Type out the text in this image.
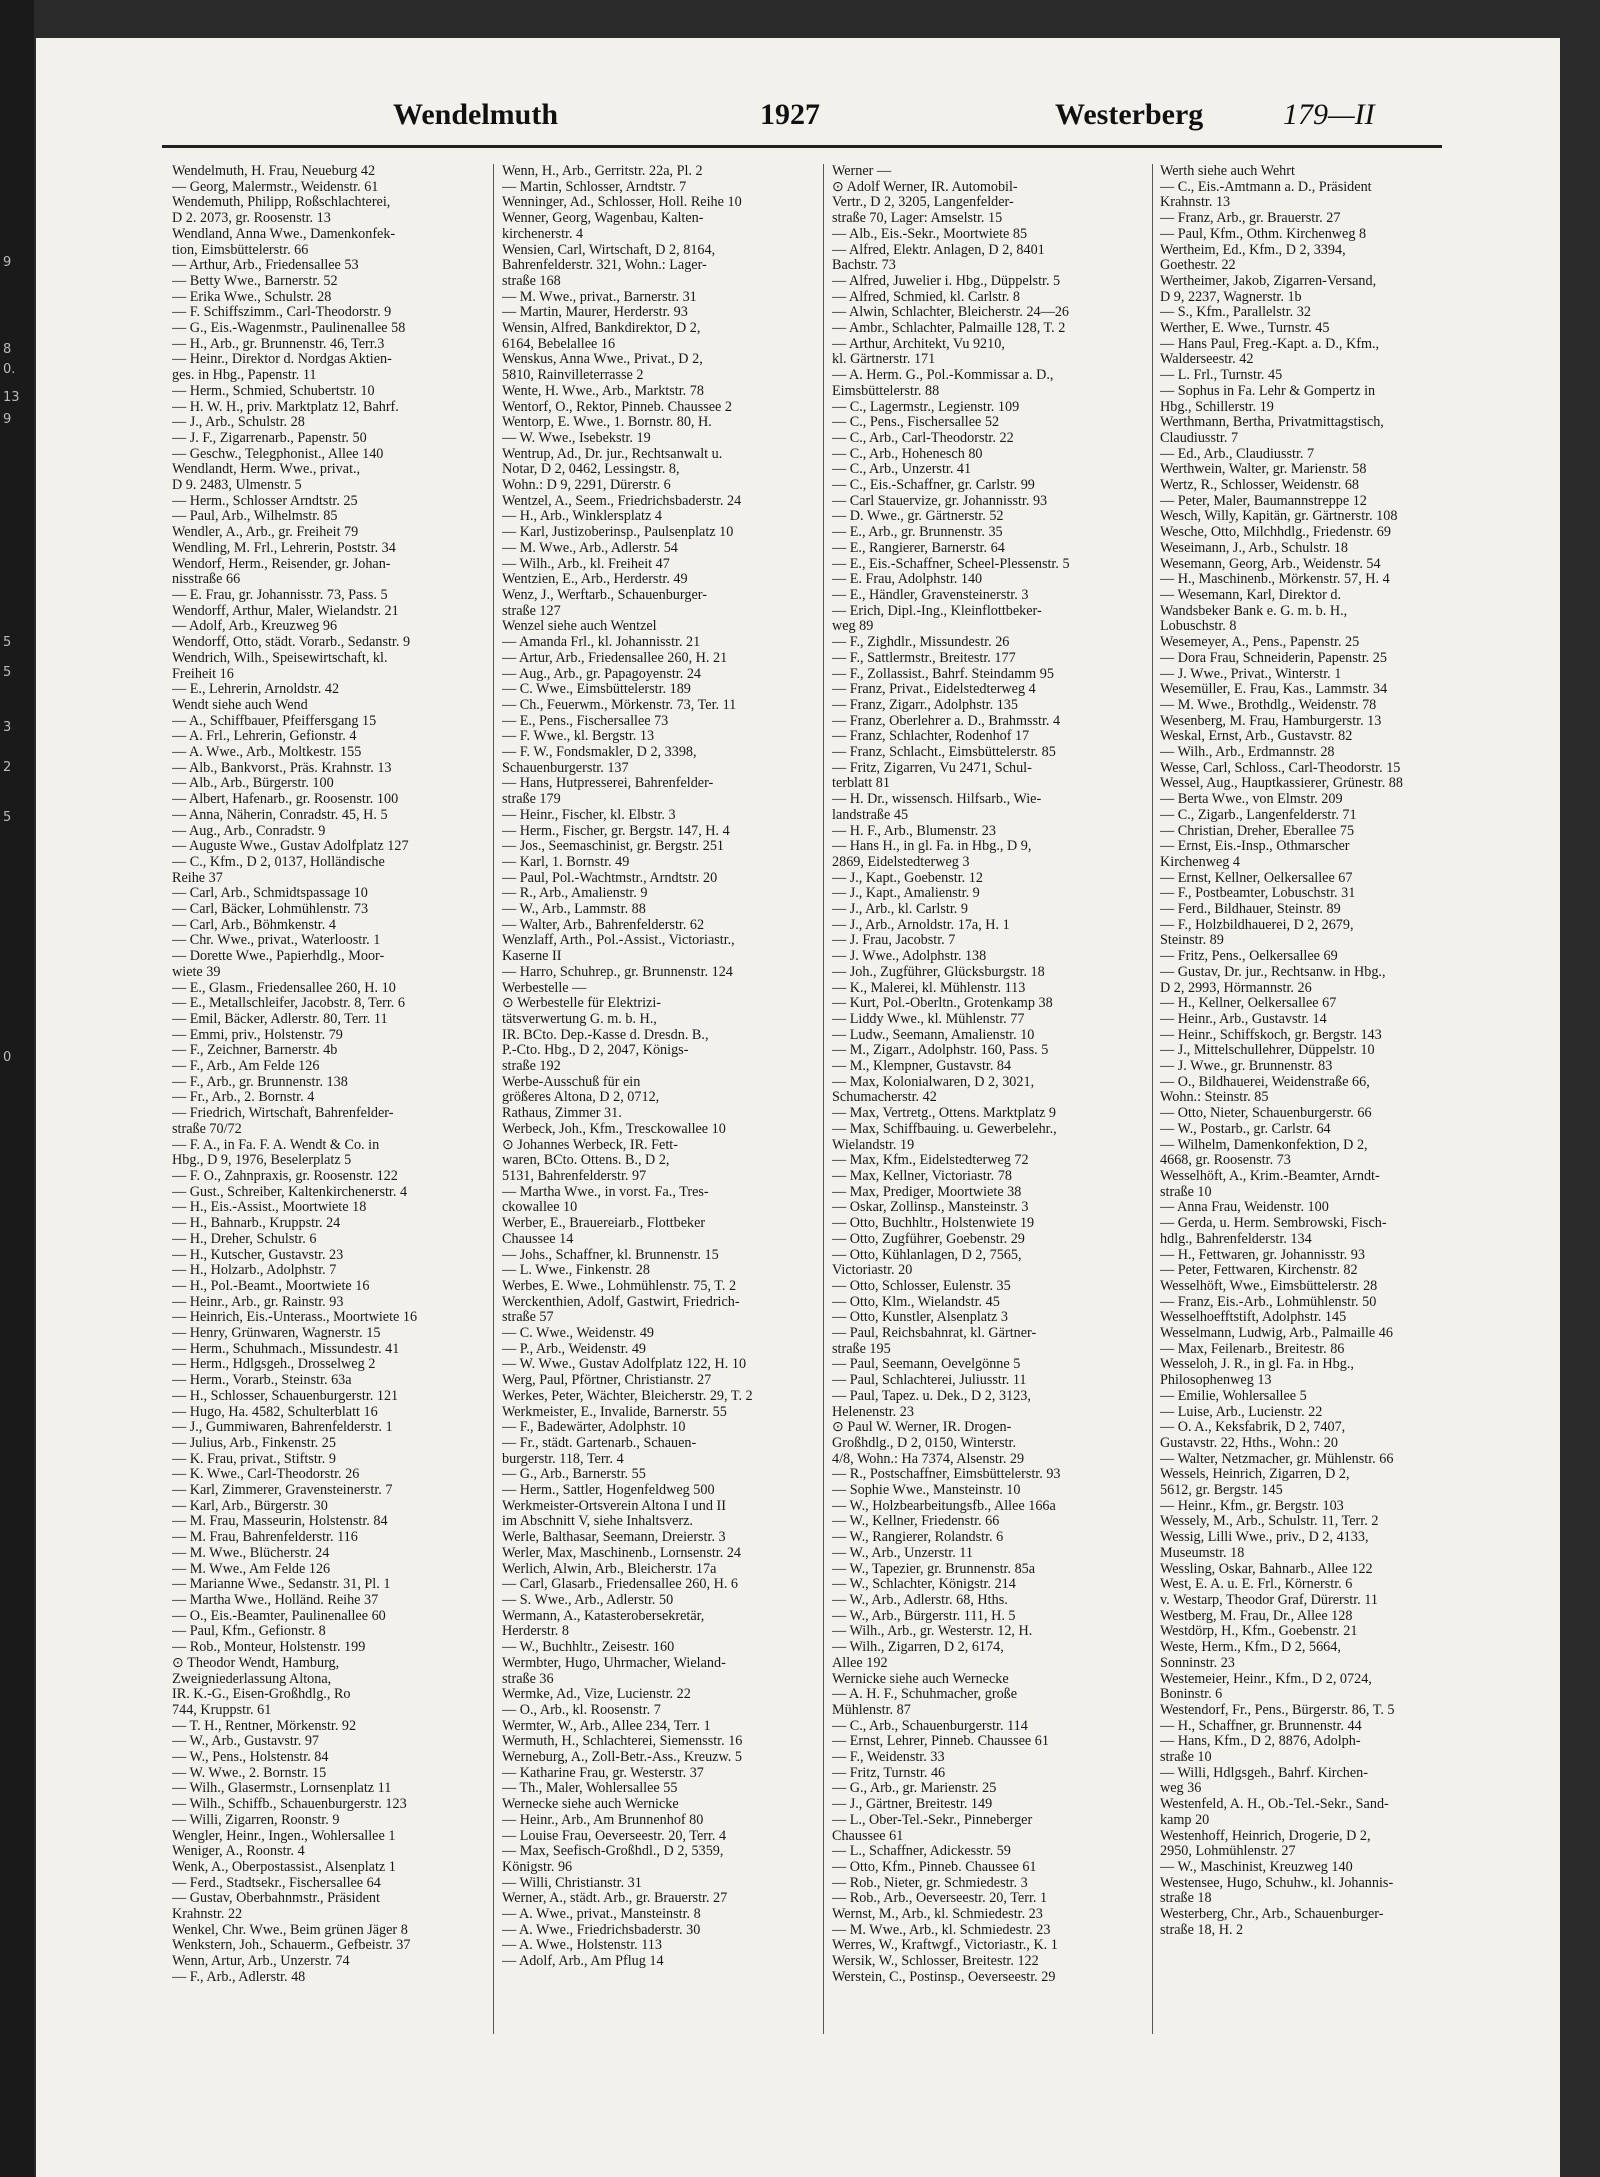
9
8
0.
13
9
5
5
3
2
5
0
Wendelmuth	1927	Westerberg	179—II
Wendelmuth, H. Frau, Neueburg 42
— Georg, Malermstr., Weidenstr. 61
Wendemuth, Philipp, Roßschlachterei,
D 2. 2073, gr. Roosenstr. 13
Wendland, Anna Wwe., Damenkonfek-
tion, Eimsbüttelerstr. 66
— Arthur, Arb., Friedensallee 53
— Betty Wwe., Barnerstr. 52
— Erika Wwe., Schulstr. 28
— F. Schiffszimm., Carl-Theodorstr. 9
— G., Eis.-Wagenmstr., Paulinenallee 58
— H., Arb., gr. Brunnenstr. 46, Terr.3
— Heinr., Direktor d. Nordgas Aktien-
ges. in Hbg., Papenstr. 11
— Herm., Schmied, Schubertstr. 10
— H. W. H., priv. Marktplatz 12, Bahrf.
— J., Arb., Schulstr. 28
— J. F., Zigarrenarb., Papenstr. 50
— Geschw., Telegphonist., Allee 140
Wendlandt, Herm. Wwe., privat.,
D 9. 2483, Ulmenstr. 5
— Herm., Schlosser Arndtstr. 25
— Paul, Arb., Wilhelmstr. 85
Wendler, A., Arb., gr. Freiheit 79
Wendling, M. Frl., Lehrerin, Poststr. 34
Wendorf, Herm., Reisender, gr. Johan-
nisstraße 66
— E. Frau, gr. Johannisstr. 73, Pass. 5
Wendorff, Arthur, Maler, Wielandstr. 21
— Adolf, Arb., Kreuzweg 96
Wendorff, Otto, städt. Vorarb., Sedanstr. 9
Wendrich, Wilh., Speisewirtschaft, kl.
Freiheit 16
— E., Lehrerin, Arnoldstr. 42
Wendt siehe auch Wend
— A., Schiffbauer, Pfeiffersgang 15
— A. Frl., Lehrerin, Gefionstr. 4
— A. Wwe., Arb., Moltkestr. 155
— Alb., Bankvorst., Präs. Krahnstr. 13
— Alb., Arb., Bürgerstr. 100
— Albert, Hafenarb., gr. Roosenstr. 100
— Anna, Näherin, Conradstr. 45, H. 5
— Aug., Arb., Conradstr. 9
— Auguste Wwe., Gustav Adolfplatz 127
— C., Kfm., D 2, 0137, Holländische
Reihe 37
— Carl, Arb., Schmidtspassage 10
— Carl, Bäcker, Lohmühlenstr. 73
— Carl, Arb., Böhmkenstr. 4
— Chr. Wwe., privat., Waterloostr. 1
— Dorette Wwe., Papierhdlg., Moor-
wiete 39
— E., Glasm., Friedensallee 260, H. 10
— E., Metallschleifer, Jacobstr. 8, Terr. 6
— Emil, Bäcker, Adlerstr. 80, Terr. 11
— Emmi, priv., Holstenstr. 79
— F., Zeichner, Barnerstr. 4b
— F., Arb., Am Felde 126
— F., Arb., gr. Brunnenstr. 138
— Fr., Arb., 2. Bornstr. 4
— Friedrich, Wirtschaft, Bahrenfelder-
straße 70/72
— F. A., in Fa. F. A. Wendt & Co. in
Hbg., D 9, 1976, Beselerplatz 5
— F. O., Zahnpraxis, gr. Roosenstr. 122
— Gust., Schreiber, Kaltenkirchenerstr. 4
— H., Eis.-Assist., Moortwiete 18
— H., Bahnarb., Kruppstr. 24
— H., Dreher, Schulstr. 6
— H., Kutscher, Gustavstr. 23
— H., Holzarb., Adolphstr. 7
— H., Pol.-Beamt., Moortwiete 16
— Heinr., Arb., gr. Rainstr. 93
— Heinrich, Eis.-Unterass., Moortwiete 16
— Henry, Grünwaren, Wagnerstr. 15
— Herm., Schuhmach., Missundestr. 41
— Herm., Hdlgsgeh., Drosselweg 2
— Herm., Vorarb., Steinstr. 63a
— H., Schlosser, Schauenburgerstr. 121
— Hugo, Ha. 4582, Schulterblatt 16
— J., Gummiwaren, Bahrenfelderstr. 1
— Julius, Arb., Finkenstr. 25
— K. Frau, privat., Stiftstr. 9
— K. Wwe., Carl-Theodorstr. 26
— Karl, Zimmerer, Gravensteinerstr. 7
— Karl, Arb., Bürgerstr. 30
— M. Frau, Masseurin, Holstenstr. 84
— M. Frau, Bahrenfelderstr. 116
— M. Wwe., Blücherstr. 24
— M. Wwe., Am Felde 126
— Marianne Wwe., Sedanstr. 31, Pl. 1
— Martha Wwe., Holländ. Reihe 37
— O., Eis.-Beamter, Paulinenallee 60
— Paul, Kfm., Gefionstr. 8
— Rob., Monteur, Holstenstr. 199
⊙ Theodor Wendt, Hamburg,
Zweigniederlassung Altona,
IR. K.-G., Eisen-Großhdlg., Ro
744, Kruppstr. 61
— T. H., Rentner, Mörkenstr. 92
— W., Arb., Gustavstr. 97
— W., Pens., Holstenstr. 84
— W. Wwe., 2. Bornstr. 15
— Wilh., Glasermstr., Lornsenplatz 11
— Wilh., Schiffb., Schauenburgerstr. 123
— Willi, Zigarren, Roonstr. 9
Wengler, Heinr., Ingen., Wohlersallee 1
Weniger, A., Roonstr. 4
Wenk, A., Oberpostassist., Alsenplatz 1
— Ferd., Stadtsekr., Fischersallee 64
— Gustav, Oberbahnmstr., Präsident
Krahnstr. 22
Wenkel, Chr. Wwe., Beim grünen Jäger 8
Wenkstern, Joh., Schauerm., Gefbeistr. 37
Wenn, Artur, Arb., Unzerstr. 74
— F., Arb., Adlerstr. 48
Wenn, H., Arb., Gerritstr. 22a, Pl. 2
— Martin, Schlosser, Arndtstr. 7
Wenninger, Ad., Schlosser, Holl. Reihe 10
Wenner, Georg, Wagenbau, Kalten-
kirchenerstr. 4
Wensien, Carl, Wirtschaft, D 2, 8164,
Bahrenfelderstr. 321, Wohn.: Lager-
straße 168
— M. Wwe., privat., Barnerstr. 31
— Martin, Maurer, Herderstr. 93
Wensin, Alfred, Bankdirektor, D 2,
6164, Bebelallee 16
Wenskus, Anna Wwe., Privat., D 2,
5810, Rainvilleterrasse 2
Wente, H. Wwe., Arb., Marktstr. 78
Wentorf, O., Rektor, Pinneb. Chaussee 2
Wentorp, E. Wwe., 1. Bornstr. 80, H.
— W. Wwe., Isebekstr. 19
Wentrup, Ad., Dr. jur., Rechtsanwalt u.
Notar, D 2, 0462, Lessingstr. 8,
Wohn.: D 9, 2291, Dürerstr. 6
Wentzel, A., Seem., Friedrichsbaderstr. 24
— H., Arb., Winklersplatz 4
— Karl, Justizoberinsp., Paulsenplatz 10
— M. Wwe., Arb., Adlerstr. 54
— Wilh., Arb., kl. Freiheit 47
Wentzien, E., Arb., Herderstr. 49
Wenz, J., Werftarb., Schauenburger-
straße 127
Wenzel siehe auch Wentzel
— Amanda Frl., kl. Johannisstr. 21
— Artur, Arb., Friedensallee 260, H. 21
— Aug., Arb., gr. Papagoyenstr. 24
— C. Wwe., Eimsbüttelerstr. 189
— Ch., Feuerwm., Mörkenstr. 73, Ter. 11
— E., Pens., Fischersallee 73
— F. Wwe., kl. Bergstr. 13
— F. W., Fondsmakler, D 2, 3398,
Schauenburgerstr. 137
— Hans, Hutpresserei, Bahrenfelder-
straße 179
— Heinr., Fischer, kl. Elbstr. 3
— Herm., Fischer, gr. Bergstr. 147, H. 4
— Jos., Seemaschinist, gr. Bergstr. 251
— Karl, 1. Bornstr. 49
— Paul, Pol.-Wachtmstr., Arndtstr. 20
— R., Arb., Amalienstr. 9
— W., Arb., Lammstr. 88
— Walter, Arb., Bahrenfelderstr. 62
Wenzlaff, Arth., Pol.-Assist., Victoriastr.,
Kaserne II
— Harro, Schuhrep., gr. Brunnenstr. 124
Werbestelle —
⊙ Werbestelle für Elektrizi-
tätsverwertung G. m. b. H.,
IR. BCto. Dep.-Kasse d. Dresdn. B.,
P.-Cto. Hbg., D 2, 2047, Königs-
straße 192
Werbe-Ausschuß für ein
größeres Altona, D 2, 0712,
Rathaus, Zimmer 31.
Werbeck, Joh., Kfm., Tresckowallee 10
⊙ Johannes Werbeck, IR. Fett-
waren, BCto. Ottens. B., D 2,
5131, Bahrenfelderstr. 97
— Martha Wwe., in vorst. Fa., Tres-
ckowallee 10
Werber, E., Brauereiarb., Flottbeker
Chaussee 14
— Johs., Schaffner, kl. Brunnenstr. 15
— L. Wwe., Finkenstr. 28
Werbes, E. Wwe., Lohmühlenstr. 75, T. 2
Werckenthien, Adolf, Gastwirt, Friedrich-
straße 57
— C. Wwe., Weidenstr. 49
— P., Arb., Weidenstr. 49
— W. Wwe., Gustav Adolfplatz 122, H. 10
Werg, Paul, Pförtner, Christianstr. 27
Werkes, Peter, Wächter, Bleicherstr. 29, T. 2
Werkmeister, E., Invalide, Barnerstr. 55
— F., Badewärter, Adolphstr. 10
— Fr., städt. Gartenarb., Schauen-
burgerstr. 118, Terr. 4
— G., Arb., Barnerstr. 55
— Herm., Sattler, Hogenfeldweg 500
Werkmeister-Ortsverein Altona I und II
im Abschnitt V, siehe Inhaltsverz.
Werle, Balthasar, Seemann, Dreierstr. 3
Werler, Max, Maschinenb., Lornsenstr. 24
Werlich, Alwin, Arb., Bleicherstr. 17a
— Carl, Glasarb., Friedensallee 260, H. 6
— S. Wwe., Arb., Adlerstr. 50
Wermann, A., Katasterobersekretär,
Herderstr. 8
— W., Buchhltr., Zeisestr. 160
Wermbter, Hugo, Uhrmacher, Wieland-
straße 36
Wermke, Ad., Vize, Lucienstr. 22
— O., Arb., kl. Roosenstr. 7
Wermter, W., Arb., Allee 234, Terr. 1
Wermuth, H., Schlachterei, Siemensstr. 16
Werneburg, A., Zoll-Betr.-Ass., Kreuzw. 5
— Katharine Frau, gr. Westerstr. 37
— Th., Maler, Wohlersallee 55
Wernecke siehe auch Wernicke
— Heinr., Arb., Am Brunnenhof 80
— Louise Frau, Oeverseestr. 20, Terr. 4
— Max, Seefisch-Großhdl., D 2, 5359,
Königstr. 96
— Willi, Christianstr. 31
Werner, A., städt. Arb., gr. Brauerstr. 27
— A. Wwe., privat., Mansteinstr. 8
— A. Wwe., Friedrichsbaderstr. 30
— A. Wwe., Holstenstr. 113
— Adolf, Arb., Am Pflug 14
Werner —
⊙ Adolf Werner, IR. Automobil-
Vertr., D 2, 3205, Langenfelder-
straße 70, Lager: Amselstr. 15
— Alb., Eis.-Sekr., Moortwiete 85
— Alfred, Elektr. Anlagen, D 2, 8401
Bachstr. 73
— Alfred, Juwelier i. Hbg., Düppelstr. 5
— Alfred, Schmied, kl. Carlstr. 8
— Alwin, Schlachter, Bleicherstr. 24—26
— Ambr., Schlachter, Palmaille 128, T. 2
— Arthur, Architekt, Vu 9210,
kl. Gärtnerstr. 171
— A. Herm. G., Pol.-Kommissar a. D.,
Eimsbüttelerstr. 88
— C., Lagermstr., Legienstr. 109
— C., Pens., Fischersallee 52
— C., Arb., Carl-Theodorstr. 22
— C., Arb., Hohenesch 80
— C., Arb., Unzerstr. 41
— C., Eis.-Schaffner, gr. Carlstr. 99
— Carl Stauervize, gr. Johannisstr. 93
— D. Wwe., gr. Gärtnerstr. 52
— E., Arb., gr. Brunnenstr. 35
— E., Rangierer, Barnerstr. 64
— E., Eis.-Schaffner, Scheel-Plessenstr. 5
— E. Frau, Adolphstr. 140
— E., Händler, Gravensteinerstr. 3
— Erich, Dipl.-Ing., Kleinflottbeker-
weg 89
— F., Zighdlr., Missundestr. 26
— F., Sattlermstr., Breitestr. 177
— F., Zollassist., Bahrf. Steindamm 95
— Franz, Privat., Eidelstedterweg 4
— Franz, Zigarr., Adolphstr. 135
— Franz, Oberlehrer a. D., Brahmsstr. 4
— Franz, Schlachter, Rodenhof 17
— Franz, Schlacht., Eimsbüttelerstr. 85
— Fritz, Zigarren, Vu 2471, Schul-
terblatt 81
— H. Dr., wissensch. Hilfsarb., Wie-
landstraße 45
— H. F., Arb., Blumenstr. 23
— Hans H., in gl. Fa. in Hbg., D 9,
2869, Eidelstedterweg 3
— J., Kapt., Goebenstr. 12
— J., Kapt., Amalienstr. 9
— J., Arb., kl. Carlstr. 9
— J., Arb., Arnoldstr. 17a, H. 1
— J. Frau, Jacobstr. 7
— J. Wwe., Adolphstr. 138
— Joh., Zugführer, Glücksburgstr. 18
— K., Malerei, kl. Mühlenstr. 113
— Kurt, Pol.-Oberltn., Grotenkamp 38
— Liddy Wwe., kl. Mühlenstr. 77
— Ludw., Seemann, Amalienstr. 10
— M., Zigarr., Adolphstr. 160, Pass. 5
— M., Klempner, Gustavstr. 84
— Max, Kolonialwaren, D 2, 3021,
Schumacherstr. 42
— Max, Vertretg., Ottens. Marktplatz 9
— Max, Schiffbauing. u. Gewerbelehr.,
Wielandstr. 19
— Max, Kfm., Eidelstedterweg 72
— Max, Kellner, Victoriastr. 78
— Max, Prediger, Moortwiete 38
— Oskar, Zollinsp., Mansteinstr. 3
— Otto, Buchhltr., Holstenwiete 19
— Otto, Zugführer, Goebenstr. 29
— Otto, Kühlanlagen, D 2, 7565,
Victoriastr. 20
— Otto, Schlosser, Eulenstr. 35
— Otto, Klm., Wielandstr. 45
— Otto, Kunstler, Alsenplatz 3
— Paul, Reichsbahnrat, kl. Gärtner-
straße 195
— Paul, Seemann, Oevelgönne 5
— Paul, Schlachterei, Juliusstr. 11
— Paul, Tapez. u. Dek., D 2, 3123,
Helenenstr. 23
⊙ Paul W. Werner, IR. Drogen-
Großhdlg., D 2, 0150, Winterstr.
4/8, Wohn.: Ha 7374, Alsenstr. 29
— R., Postschaffner, Eimsbüttelerstr. 93
— Sophie Wwe., Mansteinstr. 10
— W., Holzbearbeitungsfb., Allee 166a
— W., Kellner, Friedenstr. 66
— W., Rangierer, Rolandstr. 6
— W., Arb., Unzerstr. 11
— W., Tapezier, gr. Brunnenstr. 85a
— W., Schlachter, Königstr. 214
— W., Arb., Adlerstr. 68, Hths.
— W., Arb., Bürgerstr. 111, H. 5
— Wilh., Arb., gr. Westerstr. 12, H.
— Wilh., Zigarren, D 2, 6174,
Allee 192
Wernicke siehe auch Wernecke
— A. H. F., Schuhmacher, große
Mühlenstr. 87
— C., Arb., Schauenburgerstr. 114
— Ernst, Lehrer, Pinneb. Chaussee 61
— F., Weidenstr. 33
— Fritz, Turnstr. 46
— G., Arb., gr. Marienstr. 25
— J., Gärtner, Breitestr. 149
— L., Ober-Tel.-Sekr., Pinneberger
Chaussee 61
— L., Schaffner, Adickesstr. 59
— Otto, Kfm., Pinneb. Chaussee 61
— Rob., Nieter, gr. Schmiedestr. 3
— Rob., Arb., Oeverseestr. 20, Terr. 1
Wernst, M., Arb., kl. Schmiedestr. 23
— M. Wwe., Arb., kl. Schmiedestr. 23
Werres, W., Kraftwgf., Victoriastr., K. 1
Wersik, W., Schlosser, Breitestr. 122
Werstein, C., Postinsp., Oeverseestr. 29
Werth siehe auch Wehrt
— C., Eis.-Amtmann a. D., Präsident
Krahnstr. 13
— Franz, Arb., gr. Brauerstr. 27
— Paul, Kfm., Othm. Kirchenweg 8
Wertheim, Ed., Kfm., D 2, 3394,
Goethestr. 22
Wertheimer, Jakob, Zigarren-Versand,
D 9, 2237, Wagnerstr. 1b
— S., Kfm., Parallelstr. 32
Werther, E. Wwe., Turnstr. 45
— Hans Paul, Freg.-Kapt. a. D., Kfm.,
Waldersеestr. 42
— L. Frl., Turnstr. 45
— Sophus in Fa. Lehr & Gompertz in
Hbg., Schillerstr. 19
Werthmann, Bertha, Privatmittagstisch,
Claudiusstr. 7
— Ed., Arb., Claudiusstr. 7
Werthwein, Walter, gr. Marienstr. 58
Wertz, R., Schlosser, Weidenstr. 68
— Peter, Maler, Baumannstreppe 12
Wesch, Willy, Kapitän, gr. Gärtnerstr. 108
Wesche, Otto, Milchhdlg., Friedenstr. 69
Weseimann, J., Arb., Schulstr. 18
Wesemann, Georg, Arb., Weidenstr. 54
— H., Maschinenb., Mörkenstr. 57, H. 4
— Wesemann, Karl, Direktor d.
Wandsbeker Bank e. G. m. b. H.,
Lobuschstr. 8
Wesemeyer, A., Pens., Papenstr. 25
— Dora Frau, Schneiderin, Papenstr. 25
— J. Wwe., Privat., Winterstr. 1
Wesemüller, E. Frau, Kas., Lammstr. 34
— M. Wwe., Brothdlg., Weidenstr. 78
Wesenberg, M. Frau, Hamburgerstr. 13
Weskal, Ernst, Arb., Gustavstr. 82
— Wilh., Arb., Erdmannstr. 28
Wesse, Carl, Schloss., Carl-Theodorstr. 15
Wessel, Aug., Hauptkassierer, Grünestr. 88
— Berta Wwe., von Elmstr. 209
— C., Zigarb., Langenfelderstr. 71
— Christian, Dreher, Eberallee 75
— Ernst, Eis.-Insp., Othmarscher
Kirchenweg 4
— Ernst, Kellner, Oelkersallee 67
— F., Postbeamter, Lobuschstr. 31
— Ferd., Bildhauer, Steinstr. 89
— F., Holzbildhauerei, D 2, 2679,
Steinstr. 89
— Fritz, Pens., Oelkersallee 69
— Gustav, Dr. jur., Rechtsanw. in Hbg.,
D 2, 2993, Hörmannstr. 26
— H., Kellner, Oelkersallee 67
— Heinr., Arb., Gustavstr. 14
— Heinr., Schiffskoch, gr. Bergstr. 143
— J., Mittelschullehrer, Düppelstr. 10
— J. Wwe., gr. Brunnenstr. 83
— O., Bildhauerei, Weidenstraße 66,
Wohn.: Steinstr. 85
— Otto, Nieter, Schauenburgerstr. 66
— W., Postarb., gr. Carlstr. 64
— Wilhelm, Damenkonfektion, D 2,
4668, gr. Roosenstr. 73
Wesselhöft, A., Krim.-Beamter, Arndt-
straße 10
— Anna Frau, Weidenstr. 100
— Gerda, u. Herm. Sembrowski, Fisch-
hdlg., Bahrenfelderstr. 134
— H., Fettwaren, gr. Johannisstr. 93
— Peter, Fettwaren, Kirchenstr. 82
Wesselhöft, Wwe., Eimsbüttelerstr. 28
— Franz, Eis.-Arb., Lohmühlenstr. 50
Wesselhoefftstift, Adolphstr. 145
Wesselmann, Ludwig, Arb., Palmaille 46
— Max, Feilenarb., Breitestr. 86
Wesseloh, J. R., in gl. Fa. in Hbg.,
Philosophenweg 13
— Emilie, Wohlersallee 5
— Luise, Arb., Lucienstr. 22
— O. A., Keksfabrik, D 2, 7407,
Gustavstr. 22, Hths., Wohn.: 20
— Walter, Netzmacher, gr. Mühlenstr. 66
Wessels, Heinrich, Zigarren, D 2,
5612, gr. Bergstr. 145
— Heinr., Kfm., gr. Bergstr. 103
Wessely, M., Arb., Schulstr. 11, Terr. 2
Wessig, Lilli Wwe., priv., D 2, 4133,
Museumstr. 18
Wessling, Oskar, Bahnarb., Allee 122
West, E. A. u. E. Frl., Körnerstr. 6
v. Westarp, Theodor Graf, Dürerstr. 11
Westberg, M. Frau, Dr., Allee 128
Westdörp, H., Kfm., Goebenstr. 21
Weste, Herm., Kfm., D 2, 5664,
Sonninstr. 23
Westemeier, Heinr., Kfm., D 2, 0724,
Boninstr. 6
Westendorf, Fr., Pens., Bürgerstr. 86, T. 5
— H., Schaffner, gr. Brunnenstr. 44
— Hans, Kfm., D 2, 8876, Adolph-
straße 10
— Willi, Hdlgsgeh., Bahrf. Kirchen-
weg 36
Westenfeld, A. H., Ob.-Tel.-Sekr., Sand-
kamp 20
Westenhoff, Heinrich, Drogerie, D 2,
2950, Lohmühlenstr. 27
— W., Maschinist, Kreuzweg 140
Westensee, Hugo, Schuhw., kl. Johannis-
straße 18
Westerberg, Chr., Arb., Schauenburger-
straße 18, H. 2
